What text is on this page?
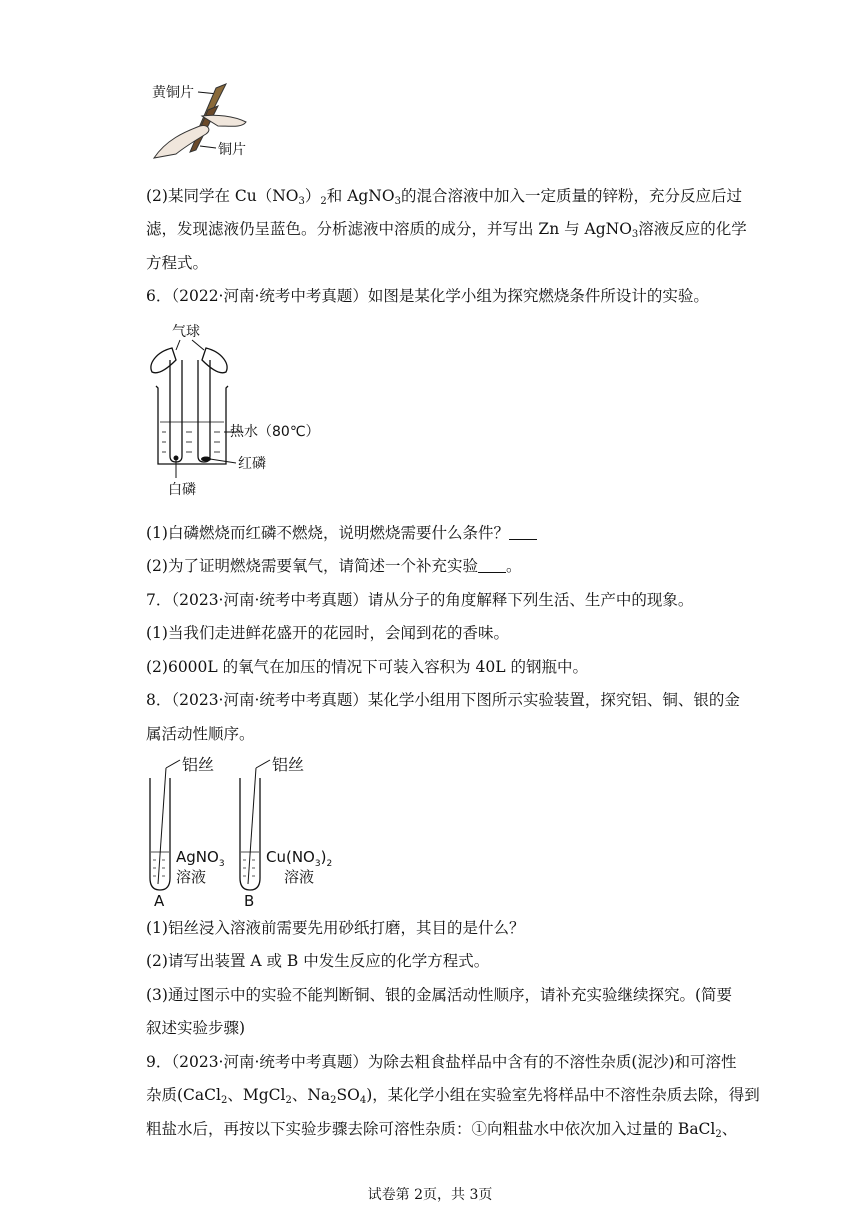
黄铜片
铜片
(2)某同学在 $Cu(NO_3)_2$和 AgNO$_3$的混合溶液中加入一定质量的锌粉，充分反应后过
滤，发现滤液仍呈蓝色。分析滤液中溶质的成分，并写出 Zn 与 AgNO$_3$溶液反应的化学
方程式。
6．（2022·河南·统考中考真题）如图是某化学小组为探究燃烧条件所设计的实验。
气球
热水（80℃）
红磷
白磷
(1)白磷燃烧而红磷不燃烧，说明燃烧需要什么条件？
(2)为了证明燃烧需要氧气，请简述一个补充实验 。
7．（2023·河南·统考中考真题）请从分子的角度解释下列生活、生产中的现象。
(1)当我们走进鲜花盛开的花园时，会闻到花的香味。
(2)6000L 的氧气在加压的情况下可装入容积为 40L 的钢瓶中。
8．（2023·河南·统考中考真题）某化学小组用下图所示实验装置，探究铝、铜、银的金
属活动性顺序。
铝丝
AgNO$_3$
溶液
A
铝丝
$Cu(NO_3)_2$
溶液
B
(1)铝丝浸入溶液前需要先用砂纸打磨，其目的是什么？
(2)请写出装置 A 或 B 中发生反应的化学方程式。
(3)通过图示中的实验不能判断铜、银的金属活动性顺序，请补充实验继续探究。(简要
叙述实验步骤)
9．（2023·河南·统考中考真题）为除去粗食盐样品中含有的不溶性杂质(泥沙)和可溶性
杂质(CaCl$_2$、MgCl$_2$、$Na_2SO_4$)，某化学小组在实验室先将样品中不溶性杂质去除，得到
粗盐水后，再按以下实验步骤去除可溶性杂质：①向粗盐水中依次加入过量的 BaCl$_2$、
试卷第 2页，共 3页
